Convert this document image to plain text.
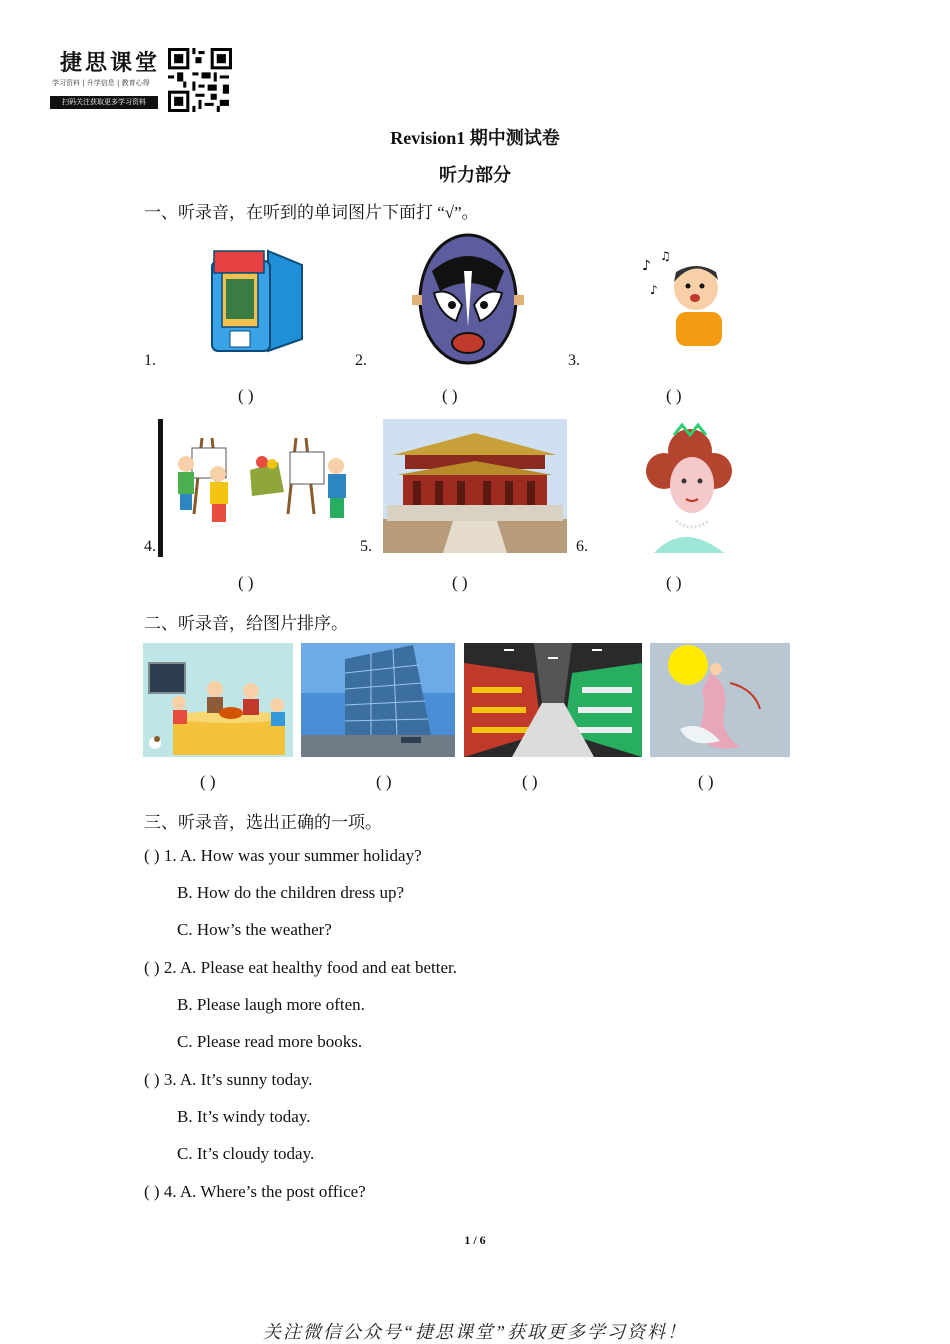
捷思课堂
学习资料 | 升学信息 | 教育心得
扫码关注获取更多学习资料
Revision1 期中测试卷
听力部分
一、听录音，在听到的单词图片下面打 “√”。
♪
♫
♪
1.	2.	3.
( )	( )	( )
4.	5.	6.
( )	( )	( )
二、听录音，给图片排序。
( )	( )	( )	( )
三、听录音，选出正确的一项。
( ) 1. A. How was your summer holiday?
B. How do the children dress up?
C. How’s the weather?
( ) 2. A. Please eat healthy food and eat better.
B. Please laugh more often.
C. Please read more books.
( ) 3. A. It’s sunny today.
B. It’s windy today.
C. It’s cloudy today.
( ) 4. A. Where’s the post office?
1 / 6
关注微信公众号“捷思课堂”获取更多学习资料！
